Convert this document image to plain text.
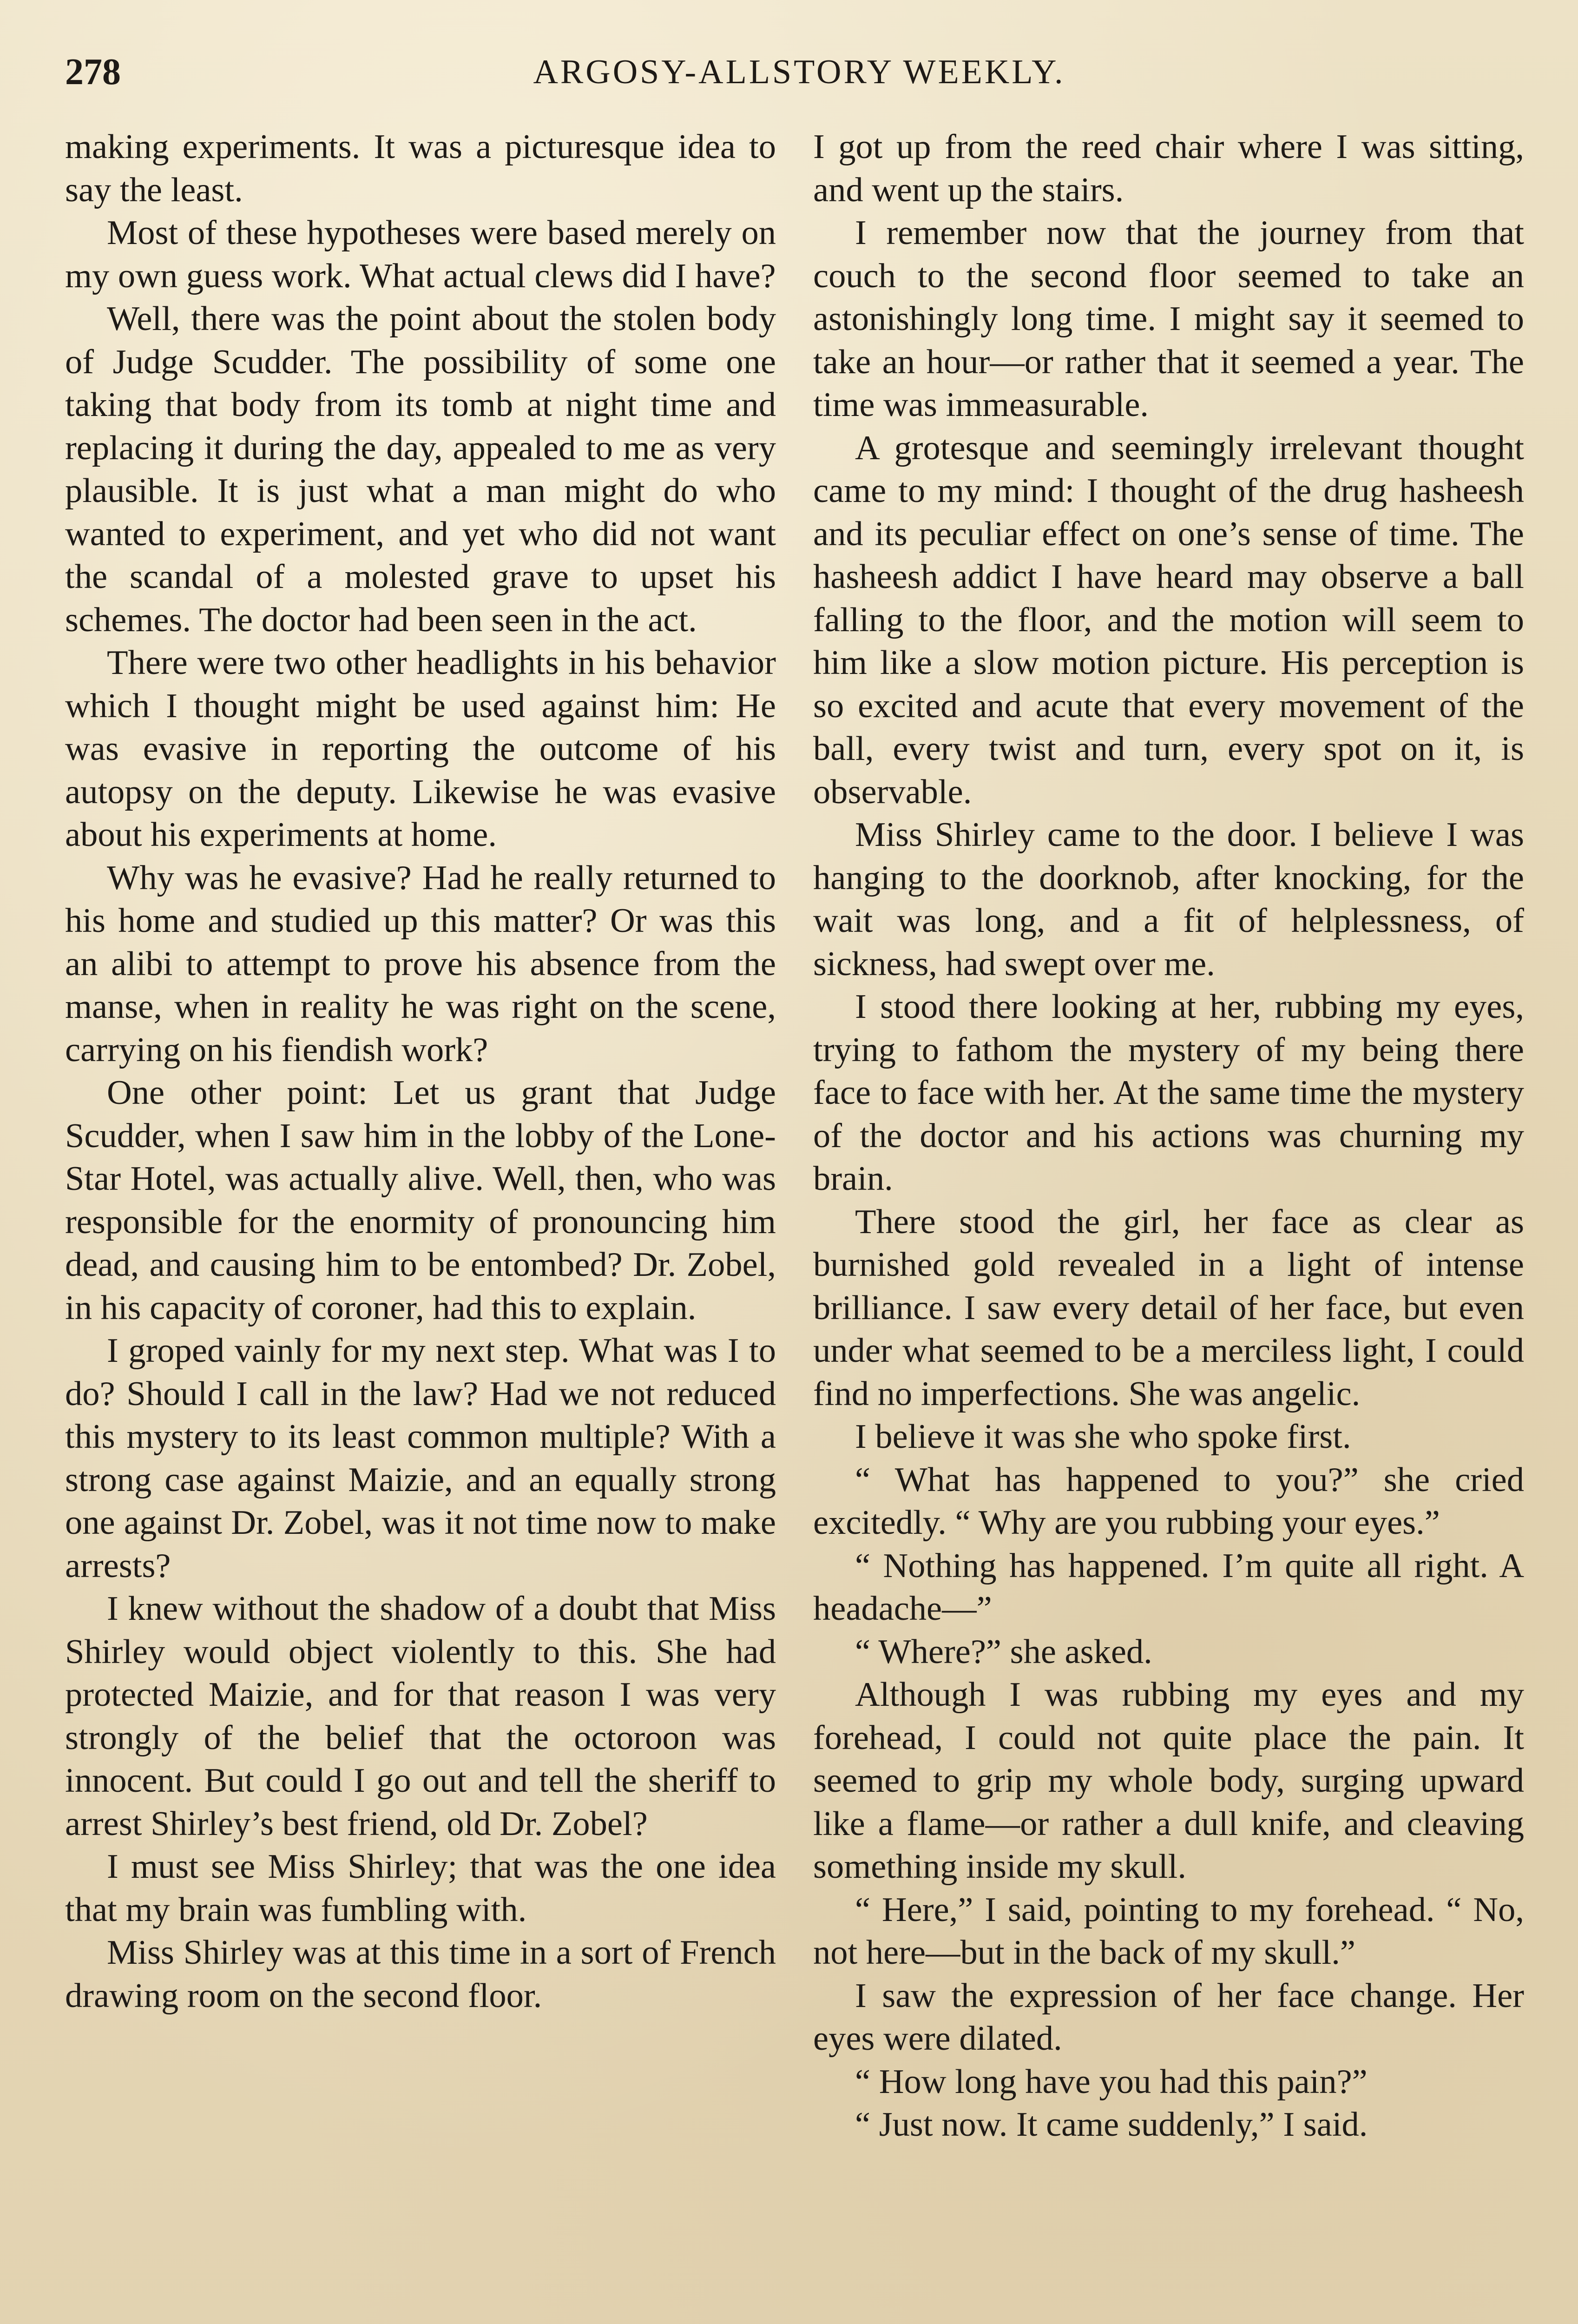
278	ARGOSY-ALLSTORY WEEKLY.

making experiments. It was a picturesque idea to say the least.

Most of these hypotheses were based merely on my own guess work. What actual clews did I have?

Well, there was the point about the stolen body of Judge Scudder. The possibility of some one taking that body from its tomb at night time and replacing it during the day, appealed to me as very plausible. It is just what a man might do who wanted to experiment, and yet who did not want the scandal of a molested grave to upset his schemes. The doctor had been seen in the act.

There were two other headlights in his behavior which I thought might be used against him: He was evasive in reporting the outcome of his autopsy on the deputy. Likewise he was evasive about his experiments at home.

Why was he evasive? Had he really returned to his home and studied up this matter? Or was this an alibi to attempt to prove his absence from the manse, when in reality he was right on the scene, carrying on his fiendish work?

One other point: Let us grant that Judge Scudder, when I saw him in the lobby of the Lone-Star Hotel, was actually alive. Well, then, who was responsible for the enormity of pronouncing him dead, and causing him to be entombed? Dr. Zobel, in his capacity of coroner, had this to explain.

I groped vainly for my next step. What was I to do? Should I call in the law? Had we not reduced this mystery to its least common multiple? With a strong case against Maizie, and an equally strong one against Dr. Zobel, was it not time now to make arrests?

I knew without the shadow of a doubt that Miss Shirley would object violently to this. She had protected Maizie, and for that reason I was very strongly of the belief that the octoroon was innocent. But could I go out and tell the sheriff to arrest Shirley’s best friend, old Dr. Zobel?

I must see Miss Shirley; that was the one idea that my brain was fumbling with.

Miss Shirley was at this time in a sort of French drawing room on the second floor.

I got up from the reed chair where I was sitting, and went up the stairs.

I remember now that the journey from that couch to the second floor seemed to take an astonishingly long time. I might say it seemed to take an hour—or rather that it seemed a year. The time was immeasurable.

A grotesque and seemingly irrelevant thought came to my mind: I thought of the drug hasheesh and its peculiar effect on one’s sense of time. The hasheesh addict I have heard may observe a ball falling to the floor, and the motion will seem to him like a slow motion picture. His perception is so excited and acute that every movement of the ball, every twist and turn, every spot on it, is observable.

Miss Shirley came to the door. I believe I was hanging to the doorknob, after knocking, for the wait was long, and a fit of helplessness, of sickness, had swept over me.

I stood there looking at her, rubbing my eyes, trying to fathom the mystery of my being there face to face with her. At the same time the mystery of the doctor and his actions was churning my brain.

There stood the girl, her face as clear as burnished gold revealed in a light of intense brilliance. I saw every detail of her face, but even under what seemed to be a merciless light, I could find no imperfections. She was angelic.

I believe it was she who spoke first.

“ What has happened to you?” she cried excitedly. “ Why are you rubbing your eyes.”

“ Nothing has happened. I’m quite all right. A headache—”

“ Where?” she asked.

Although I was rubbing my eyes and my forehead, I could not quite place the pain. It seemed to grip my whole body, surging upward like a flame—or rather a dull knife, and cleaving something inside my skull.

“ Here,” I said, pointing to my forehead. “ No, not here—but in the back of my skull.”

I saw the expression of her face change. Her eyes were dilated.

“ How long have you had this pain?”

“ Just now. It came suddenly,” I said.
